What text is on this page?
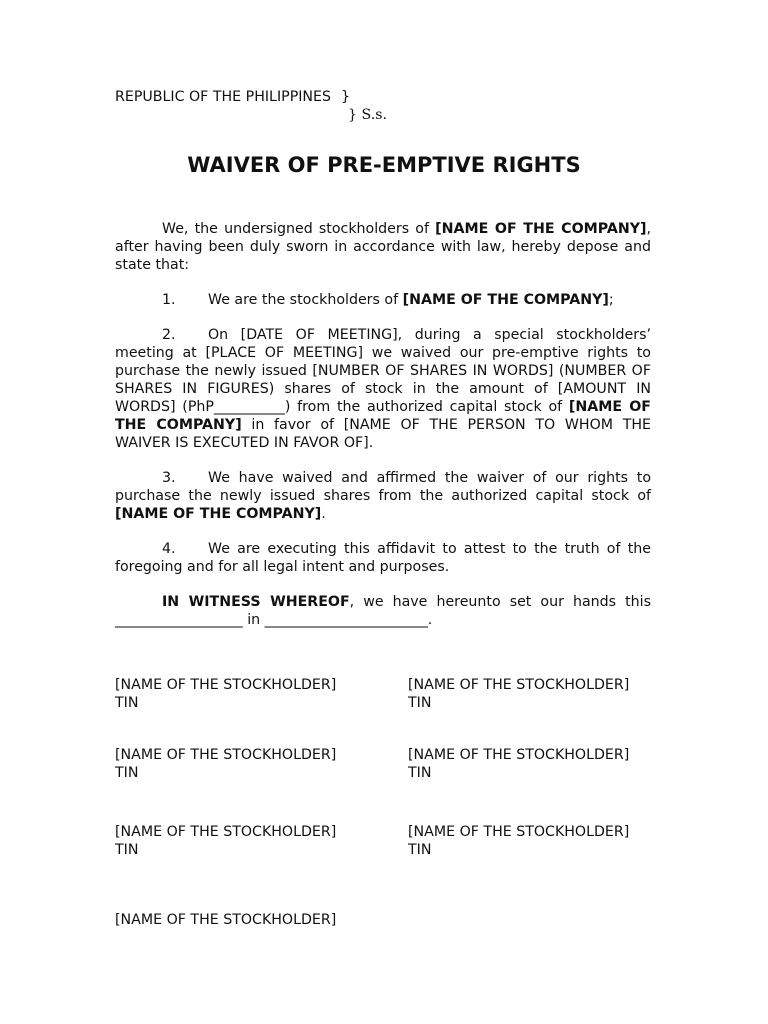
REPUBLIC OF THE PHILIPPINES }
} S.s.
WAIVER OF PRE-EMPTIVE RIGHTS

We, the undersigned stockholders of [NAME OF THE COMPANY], after having been duly sworn in accordance with law, hereby depose and state that:

1. We are the stockholders of [NAME OF THE COMPANY];

2. On [DATE OF MEETING], during a special stockholders’ meeting at [PLACE OF MEETING] we waived our pre-emptive rights to purchase the newly issued [NUMBER OF SHARES IN WORDS] (NUMBER OF SHARES IN FIGURES) shares of stock in the amount of [AMOUNT IN WORDS] (PhP__________) from the authorized capital stock of [NAME OF THE COMPANY] in favor of [NAME OF THE PERSON TO WHOM THE WAIVER IS EXECUTED IN FAVOR OF].

3. We have waived and affirmed the waiver of our rights to purchase the newly issued shares from the authorized capital stock of [NAME OF THE COMPANY].

4. We are executing this affidavit to attest to the truth of the foregoing and for all legal intent and purposes.

IN WITNESS WHEREOF, we have hereunto set our hands this __________________ in _______________________.

[NAME OF THE STOCKHOLDER]
TIN
[NAME OF THE STOCKHOLDER]
TIN
[NAME OF THE STOCKHOLDER]
TIN
[NAME OF THE STOCKHOLDER]
TIN
[NAME OF THE STOCKHOLDER]
TIN
[NAME OF THE STOCKHOLDER]
TIN
[NAME OF THE STOCKHOLDER]
